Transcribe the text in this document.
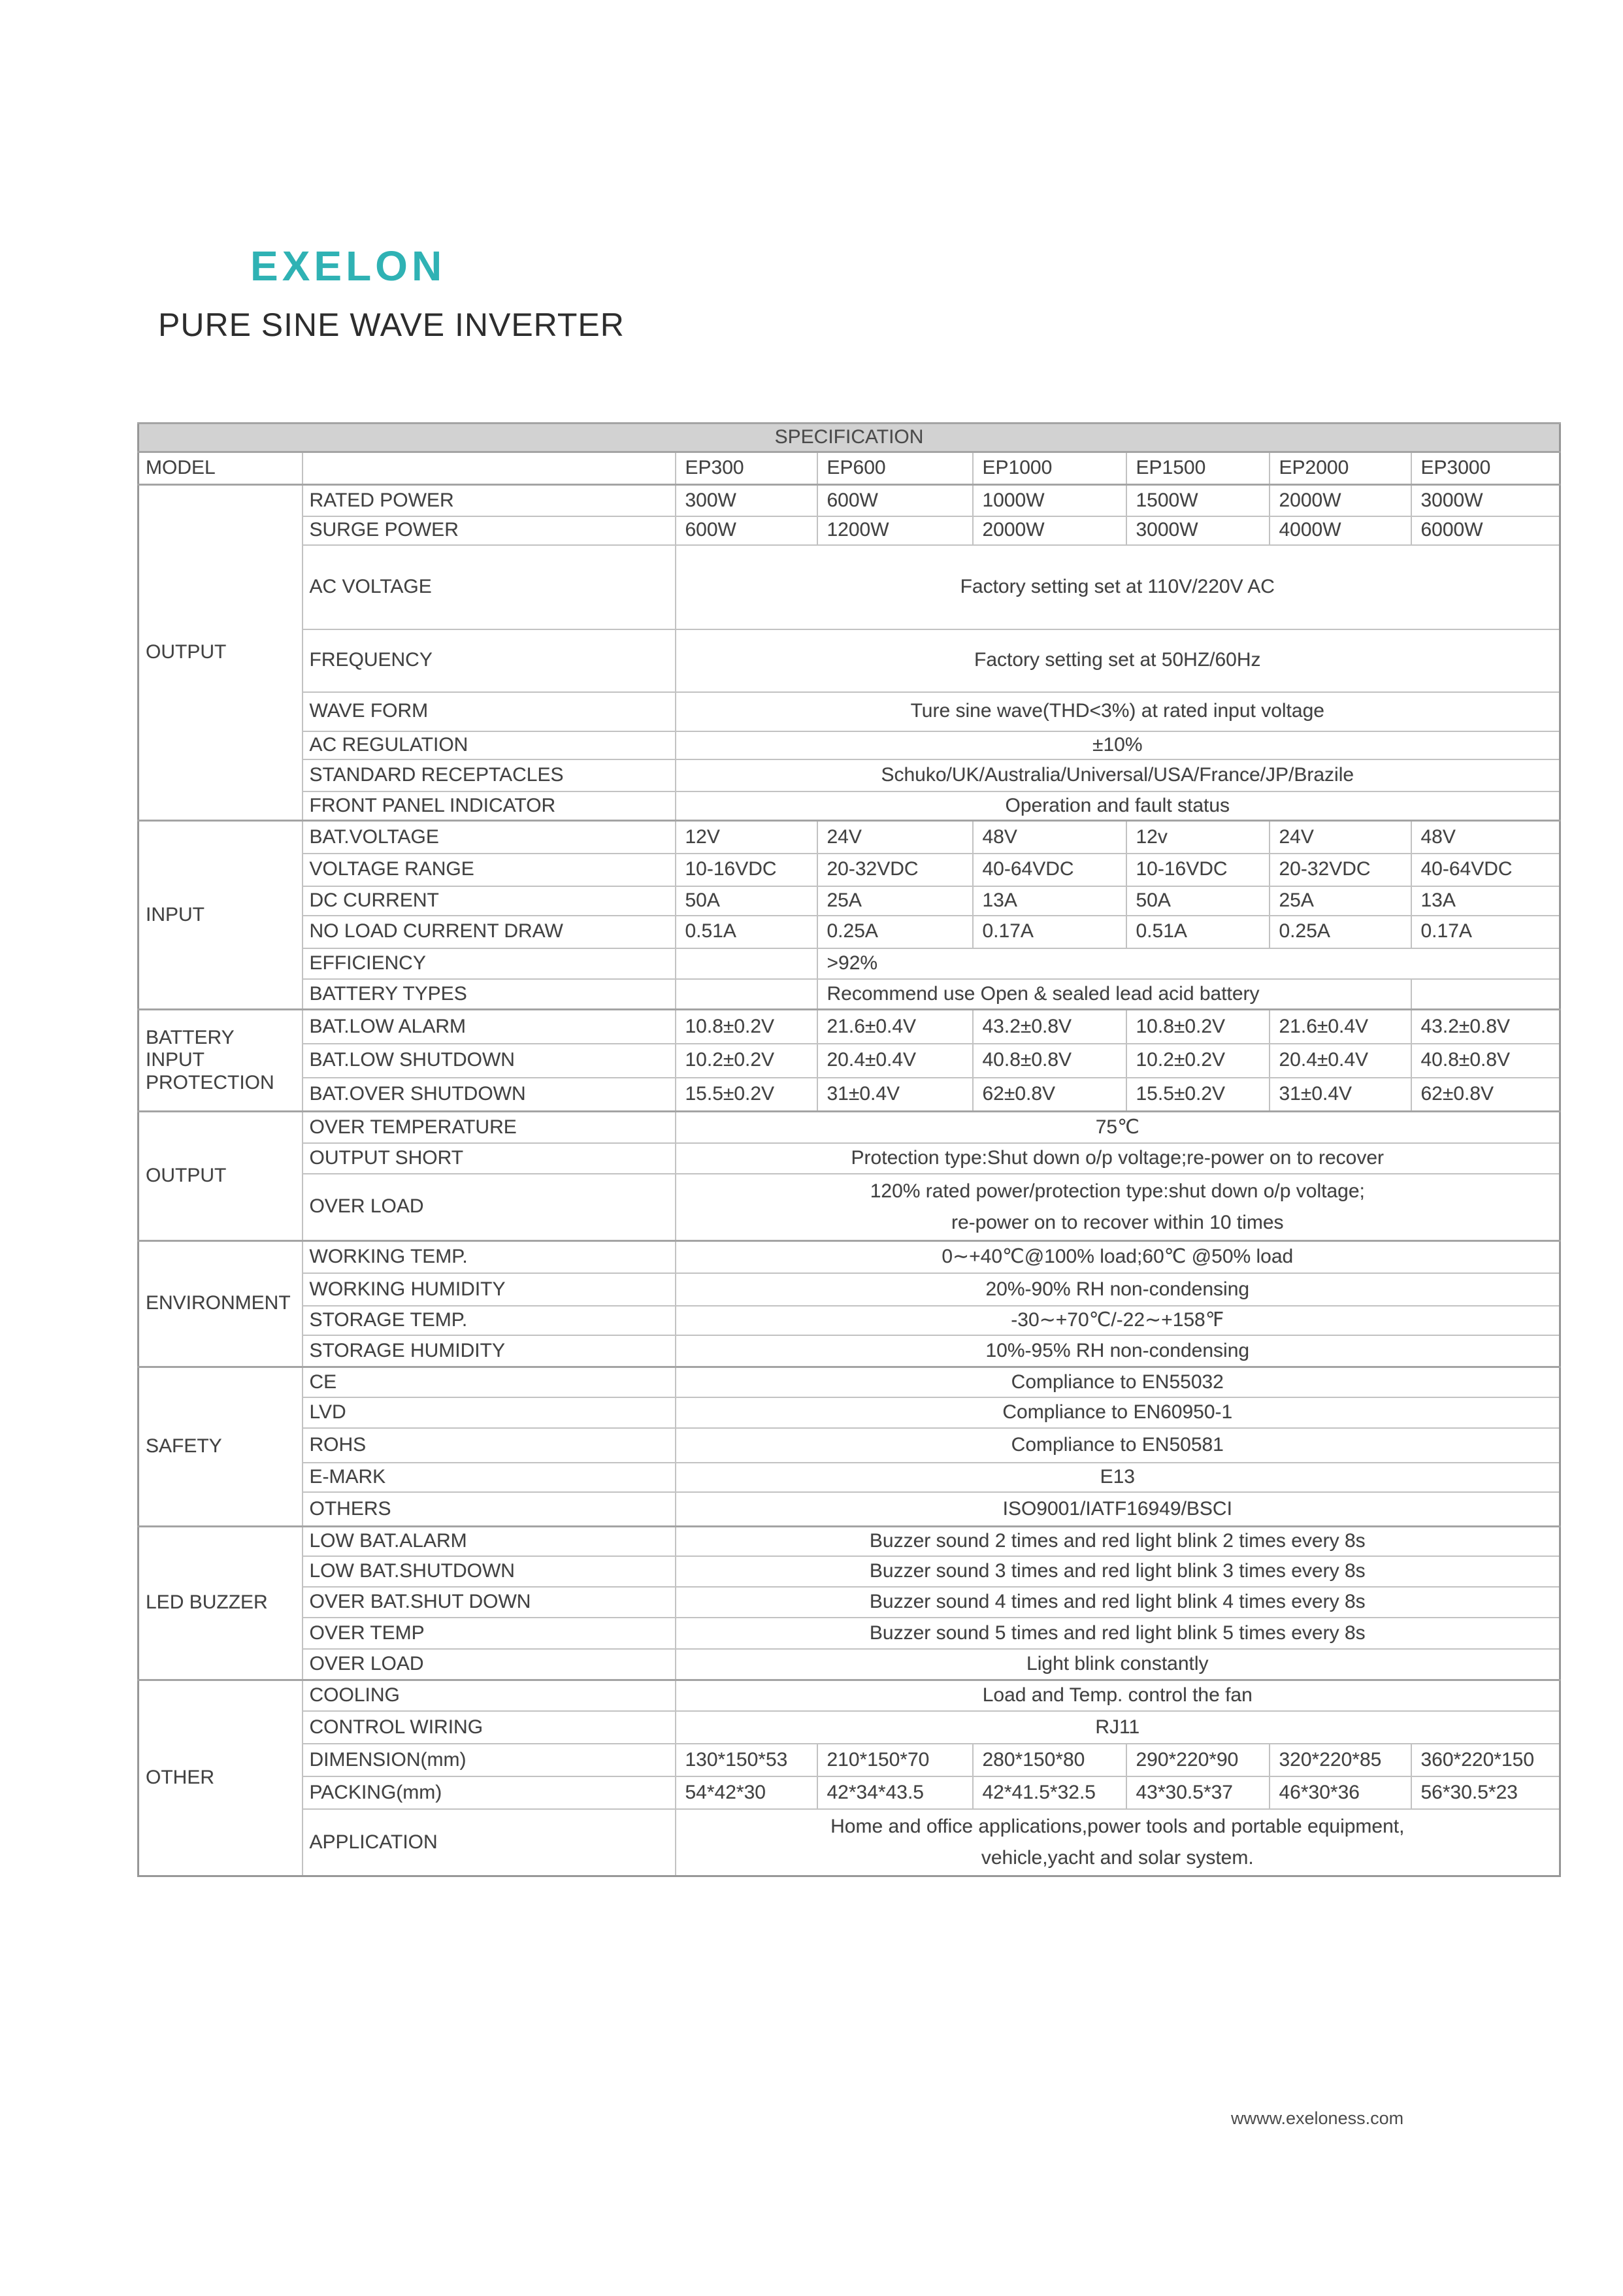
EXELON
PURE SINE WAVE INVERTER
SPECIFICATION							
MODEL		EP300	EP600	EP1000	EP1500	EP2000	EP3000
OUTPUT	RATED POWER	300W	600W	1000W	1500W	2000W	3000W
	SURGE POWER	600W	1200W	2000W	3000W	4000W	6000W
	AC VOLTAGE	Factory setting set at 110V/220V AC					
	FREQUENCY	Factory setting set at 50HZ/60Hz					
	WAVE FORM	Ture sine wave(THD<3%) at rated input voltage					
	AC REGULATION	±10%					
	STANDARD RECEPTACLES	Schuko/UK/Australia/Universal/USA/France/JP/Brazile					
	FRONT PANEL INDICATOR	Operation and fault status					
INPUT	BAT.VOLTAGE	12V	24V	48V	12v	24V	48V
	VOLTAGE RANGE	10-16VDC	20-32VDC	40-64VDC	10-16VDC	20-32VDC	40-64VDC
	DC CURRENT	50A	25A	13A	50A	25A	13A
	NO LOAD CURRENT DRAW	0.51A	0.25A	0.17A	0.51A	0.25A	0.17A
	EFFICIENCY		>92%				
	BATTERY TYPES		Recommend use Open & sealed lead acid battery				
BATTERY INPUT PROTECTION	BAT.LOW ALARM	10.8±0.2V	21.6±0.4V	43.2±0.8V	10.8±0.2V	21.6±0.4V	43.2±0.8V
	BAT.LOW SHUTDOWN	10.2±0.2V	20.4±0.4V	40.8±0.8V	10.2±0.2V	20.4±0.4V	40.8±0.8V
	BAT.OVER SHUTDOWN	15.5±0.2V	31±0.4V	62±0.8V	15.5±0.2V	31±0.4V	62±0.8V
OUTPUT	OVER TEMPERATURE	75℃					
	OUTPUT SHORT	Protection type:Shut down o/p voltage;re-power on to recover					
	OVER LOAD	120% rated power/protection type:shut down o/p voltage;
re-power on to recover within 10 times					

ENVIRONMENT	WORKING TEMP.	0∼+40℃@100% load;60℃ @50% load					
	WORKING HUMIDITY	20%-90% RH non-condensing					
	STORAGE TEMP.	-30∼+70℃/-22∼+158℉					
	STORAGE HUMIDITY	10%-95% RH non-condensing					
SAFETY	CE	Compliance to EN55032					
	LVD	Compliance to EN60950-1					
	ROHS	Compliance to EN50581					
	E-MARK	E13					
	OTHERS	ISO9001/IATF16949/BSCI					
LED BUZZER	LOW BAT.ALARM	Buzzer sound 2 times and red light blink 2 times every 8s					
	LOW BAT.SHUTDOWN	Buzzer sound 3 times and red light blink 3 times every 8s					
	OVER BAT.SHUT DOWN	Buzzer sound 4 times and red light blink 4 times every 8s					
	OVER TEMP	Buzzer sound 5 times and red light blink 5 times every 8s					
	OVER LOAD	Light blink constantly					
OTHER	COOLING	Load and Temp. control the fan					
	CONTROL WIRING	RJ11					
	DIMENSION(mm)	130*150*53	210*150*70	280*150*80	290*220*90	320*220*85	360*220*150
	PACKING(mm)	54*42*30	42*34*43.5	42*41.5*32.5	43*30.5*37	46*30*36	56*30.5*23
	APPLICATION	Home and office applications,power tools and portable equipment,
vehicle,yacht and solar system.					
wwww.exeloness.com
